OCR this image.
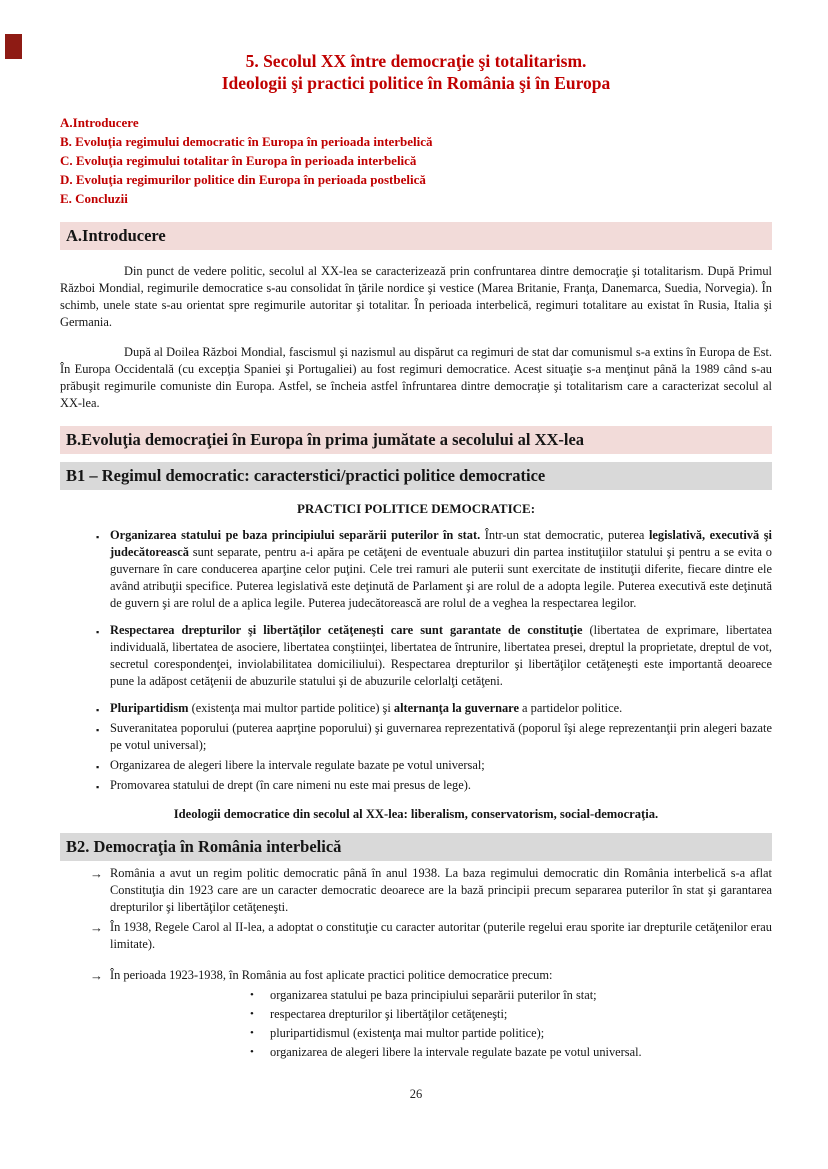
5. Secolul XX între democraţie şi totalitarism.
Ideologii şi practici politice în România şi în Europa
A.Introducere
B. Evoluţia regimului democratic în Europa în perioada interbelică
C. Evoluţia regimului totalitar în Europa în perioada interbelică
D. Evoluţia regimurilor politice din Europa în perioada postbelică
E. Concluzii
A.Introducere

Din punct de vedere politic, secolul al XX-lea se caracterizează prin confruntarea dintre democraţie şi totalitarism. După Primul Război Mondial, regimurile democratice s-au consolidat în ţările nordice şi vestice (Marea Britanie, Franţa, Danemarca, Suedia, Norvegia). În schimb, unele state s-au orientat spre regimurile autoritar şi totalitar. În perioada interbelică, regimuri totalitare au existat în Rusia, Italia şi Germania.

După al Doilea Război Mondial, fascismul şi nazismul au dispărut ca regimuri de stat dar comunismul s-a extins în Europa de Est. În Europa Occidentală (cu excepţia Spaniei şi Portugaliei) au fost regimuri democratice. Acest situaţie s-a menţinut până la 1989 când s-au prăbuşit regimurile comuniste din Europa. Astfel, se încheia astfel înfruntarea dintre democraţie şi totalitarism care a caracterizat secolul al XX-lea.

B.Evoluţia democraţiei în Europa în prima jumătate a secolului al XX-lea
B1 – Regimul democratic: caracterstici/practici politice democratice
PRACTICI POLITICE DEMOCRATICE:
▪ Organizarea statului pe baza principiului separării puterilor în stat. Într-un stat democratic, puterea legislativă, executivă şi judecătorească sunt separate, pentru a-i apăra pe cetăţeni de eventuale abuzuri din partea instituţiilor statului şi pentru a se evita o guvernare în care conducerea aparţine celor puţini. Cele trei ramuri ale puterii sunt exercitate de instituţii diferite, fiecare dintre ele având atribuţii specifice. Puterea legislativă este deţinută de Parlament şi are rolul de a adopta legile. Puterea executivă este deţinută de guvern şi are rolul de a aplica legile. Puterea judecătorească are rolul de a veghea la respectarea legilor.
▪ Respectarea drepturilor şi libertăţilor cetăţeneşti care sunt garantate de constituţie (libertatea de exprimare, libertatea individuală, libertatea de asociere, libertatea conştiinţei, libertatea de întrunire, libertatea presei, dreptul la proprietate, dreptul de vot, secretul corespondenţei, inviolabilitatea domiciliului). Respectarea drepturilor şi libertăţilor cetăţeneşti este importantă deoarece pune la adăpost cetăţenii de abuzurile statului şi de abuzurile celorlalţi cetăţeni.
▪ Pluripartidism (existenţa mai multor partide politice) şi alternanţa la guvernare a partidelor politice.
▪ Suveranitatea poporului (puterea aaprţine poporului) şi guvernarea reprezentativă (poporul îşi alege reprezentanţii prin alegeri bazate pe votul universal);
▪ Organizarea de alegeri libere la intervale regulate bazate pe votul universal;
▪ Promovarea statului de drept (în care nimeni nu este mai presus de lege).
Ideologii democratice din secolul al XX-lea: liberalism, conservatorism, social-democraţia.
B2. Democraţia în România interbelică
→ România a avut un regim politic democratic până în anul 1938. La baza regimului democratic din România interbelică s-a aflat Constituţia din 1923 care are un caracter democratic deoarece are la bază principii precum separarea puterilor în stat şi garantarea drepturilor şi libertăţilor cetăţeneşti.
→ În 1938, Regele Carol al II-lea, a adoptat o constituţie cu caracter autoritar (puterile regelui erau sporite iar drepturile cetăţenilor erau limitate).
→ În perioada 1923-1938, în România au fost aplicate practici politice democratice precum:
• organizarea statului pe baza principiului separării puterilor în stat;
• respectarea drepturilor şi libertăţilor cetăţeneşti;
• pluripartidismul (existenţa mai multor partide politice);
• organizarea de alegeri libere la intervale regulate bazate pe votul universal.
26
